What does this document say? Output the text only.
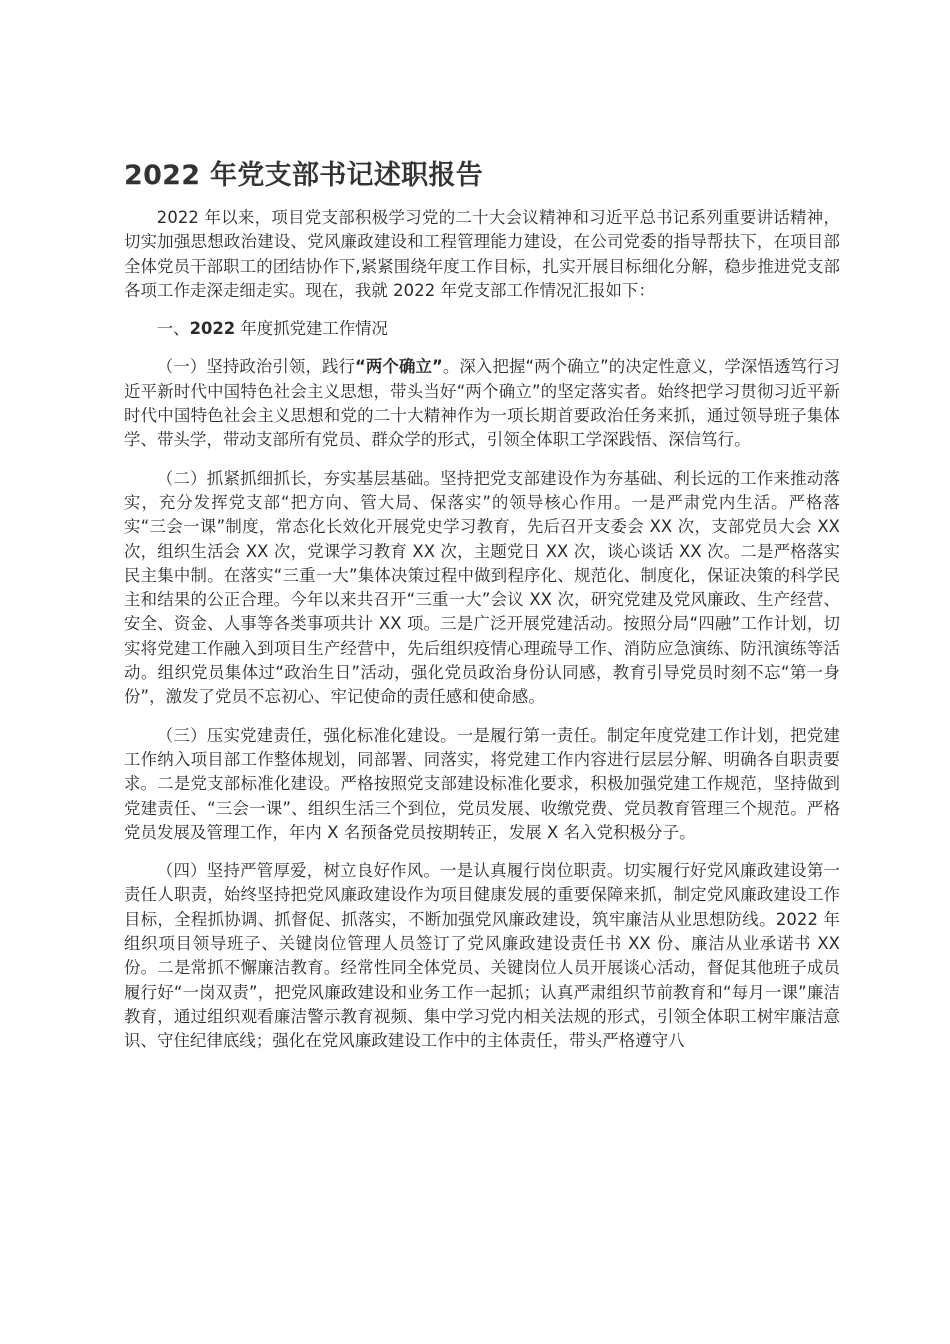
2022 年党支部书记述职报告

2022 年以来，项目党支部积极学习党的二十大会议精神和习近平总书记系列重要讲话精神，切实加强思想政治建设、党风廉政建设和工程管理能力建设，在公司党委的指导帮扶下，在项目部全体党员干部职工的团结协作下,紧紧围绕年度工作目标，扎实开展目标细化分解，稳步推进党支部各项工作走深走细走实。现在，我就 2022 年党支部工作情况汇报如下：

一、2022 年度抓党建工作情况

（一）坚持政治引领，践行“两个确立”。深入把握“两个确立”的决定性意义，学深悟透笃行习近平新时代中国特色社会主义思想，带头当好“两个确立”的坚定落实者。始终把学习贯彻习近平新时代中国特色社会主义思想和党的二十大精神作为一项长期首要政治任务来抓，通过领导班子集体学、带头学，带动支部所有党员、群众学的形式，引领全体职工学深践悟、深信笃行。

（二）抓紧抓细抓长，夯实基层基础。坚持把党支部建设作为夯基础、利长远的工作来推动落实，充分发挥党支部“把方向、管大局、保落实”的领导核心作用。一是严肃党内生活。严格落实“三会一课”制度，常态化长效化开展党史学习教育，先后召开支委会 XX 次，支部党员大会 XX 次，组织生活会 XX 次，党课学习教育 XX 次，主题党日 XX 次，谈心谈话 XX 次。二是严格落实民主集中制。在落实“三重一大”集体决策过程中做到程序化、规范化、制度化，保证决策的科学民主和结果的公正合理。今年以来共召开“三重一大”会议 XX 次，研究党建及党风廉政、生产经营、安全、资金、人事等各类事项共计 XX 项。三是广泛开展党建活动。按照分局“四融”工作计划，切实将党建工作融入到项目生产经营中，先后组织疫情心理疏导工作、消防应急演练、防汛演练等活动。组织党员集体过“政治生日”活动，强化党员政治身份认同感，教育引导党员时刻不忘“第一身份”，激发了党员不忘初心、牢记使命的责任感和使命感。

（三）压实党建责任，强化标准化建设。一是履行第一责任。制定年度党建工作计划，把党建工作纳入项目部工作整体规划，同部署、同落实，将党建工作内容进行层层分解、明确各自职责要求。二是党支部标准化建设。严格按照党支部建设标准化要求，积极加强党建工作规范，坚持做到党建责任、“三会一课”、组织生活三个到位，党员发展、收缴党费、党员教育管理三个规范。严格党员发展及管理工作，年内 X 名预备党员按期转正，发展 X 名入党积极分子。

（四）坚持严管厚爱，树立良好作风。一是认真履行岗位职责。切实履行好党风廉政建设第一责任人职责，始终坚持把党风廉政建设作为项目健康发展的重要保障来抓，制定党风廉政建设工作目标，全程抓协调、抓督促、抓落实，不断加强党风廉政建设，筑牢廉洁从业思想防线。2022 年组织项目领导班子、关键岗位管理人员签订了党风廉政建设责任书 XX 份、廉洁从业承诺书 XX 份。二是常抓不懈廉洁教育。经常性同全体党员、关键岗位人员开展谈心活动，督促其他班子成员履行好“一岗双责”，把党风廉政建设和业务工作一起抓；认真严肃组织节前教育和“每月一课”廉洁教育，通过组织观看廉洁警示教育视频、集中学习党内相关法规的形式，引领全体职工树牢廉洁意识、守住纪律底线；强化在党风廉政建设工作中的主体责任，带头严格遵守八
